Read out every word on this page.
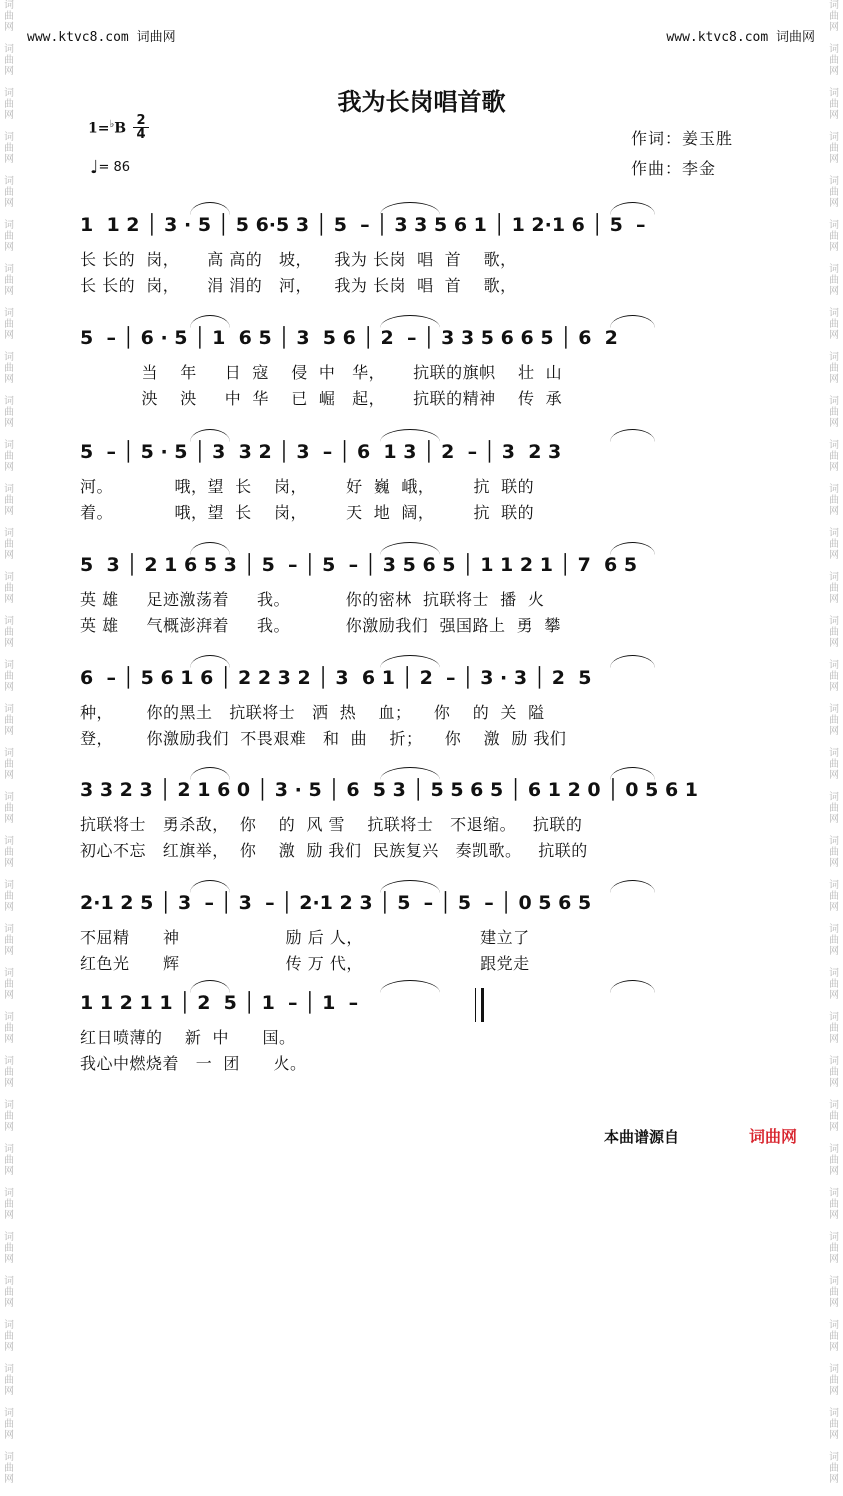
词
曲
网

词
曲
网

词
曲
网

词
曲
网

词
曲
网

词
曲
网

词
曲
网

词
曲
网

词
曲
网

词
曲
网

词
曲
网

词
曲
网

词
曲
网

词
曲
网

词
曲
网

词
曲
网

词
曲
网

词
曲
网

词
曲
网

词
曲
网

词
曲
网

词
曲
网

词
曲
网

词
曲
网

词
曲
网

词
曲
网

词
曲
网

词
曲
网

词
曲
网

词
曲
网

词
曲
网

词
曲
网

词
曲
网

词
曲
网

词
曲
网

词
曲
网

词
曲
网

词
曲
网

词
曲
网

词
曲
网

词
曲
网

词
曲
网

词
曲
网

词
曲
网

词
曲
网

词
曲
网

词
曲
网

词
曲
网

词
曲
网

词
曲
网

词
曲
网

词
曲
网

词
曲
网

词
曲
网

词
曲
网

词
曲
网

词
曲
网

词
曲
网

词
曲
网

词
曲
网

词
曲
网

词
曲
网

词
曲
网

词
曲
网

词
曲
网

词
曲
网

词
曲
网

词
曲
网

www.ktvc8.com 词曲网	www.ktvc8.com 词曲网
我为长岗唱首歌
1=♭B
2
4
♩= 86
作词：姜玉胜
作曲：李金
1  1 2 │ 3 · 5 │ 5 6·5 3 │ 5  – │ 3 3 5 6 1 │ 1 2·1 6 │ 5  –
长 长的  岗，     高 高的   坡，    我为 长岗  唱  首    歌，
长 长的  岗，     涓 涓的   河，    我为 长岗  唱  首    歌，
5  – │ 6 · 5 │ 1  6 5 │ 3  5 6 │ 2  – │ 3 3 5 6 6 5 │ 6  2
当    年     日  寇    侵  中   华，     抗联的旗帜    壮  山
泱    泱     中  华    已  崛   起，     抗联的精神    传  承
5  – │ 5 · 5 │ 3  3 2 │ 3  – │ 6  1 3 │ 2  – │ 3  2 3
河。           哦，望  长    岗，       好  巍  峨，       抗  联的
着。           哦，望  长    岗，       天  地  阔，       抗  联的
5  3 │ 2 1 6 5 3 │ 5  – │ 5  – │ 3 5 6 5 │ 1 1 2 1 │ 7  6 5
英 雄     足迹激荡着     我。          你的密林  抗联将士  播  火
英 雄     气概澎湃着     我。          你激励我们  强国路上  勇  攀
6  – │ 5 6 1 6 │ 2 2 3 2 │ 3  6 1 │ 2  – │ 3 · 3 │ 2  5
种，      你的黑土   抗联将士   洒  热    血；    你    的  关  隘
登，      你激励我们  不畏艰难   和  曲    折；    你    激  励 我们
3 3 2 3 │ 2 1 6 0 │ 3 · 5 │ 6  5 3 │ 5 5 6 5 │ 6 1 2 0 │ 0 5 6 1
抗联将士   勇杀敌，  你    的  风 雪    抗联将士   不退缩。   抗联的
初心不忘   红旗举，  你    激  励 我们  民族复兴   奏凯歌。   抗联的
2·1 2 5 │ 3  – │ 3  – │ 2·1 2 3 │ 5  – │ 5  – │ 0 5 6 5
不屈精      神                   励 后 人，                     建立了
红色光      辉                   传 万 代，                     跟党走
1 1 2 1 1 │ 2  5 │ 1  – │ 1  –
红日喷薄的    新  中      国。
我心中燃烧着   一  团      火。
本曲谱源自	词曲网
